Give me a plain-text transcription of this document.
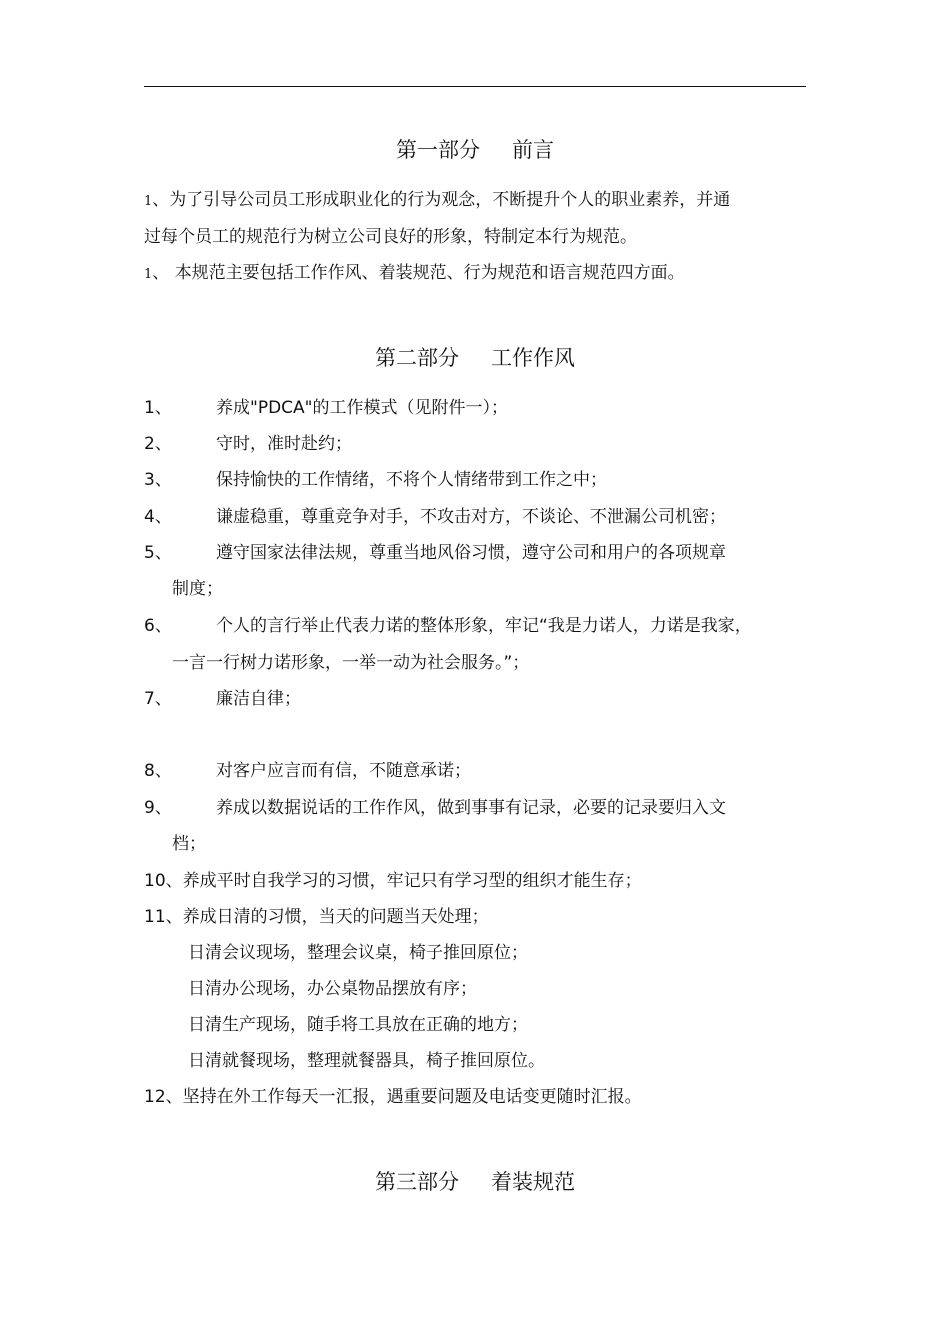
第一部分 前言
1、为了引导公司员工形成职业化的行为观念，不断提升个人的职业素养，并通
过每个员工的规范行为树立公司良好的形象，特制定本行为规范。
1、 本规范主要包括工作作风、着装规范、行为规范和语言规范四方面。
第二部分 工作作风
1、	养成"PDCA"的工作模式（见附件一）；
2、	守时，准时赴约；
3、	保持愉快的工作情绪，不将个人情绪带到工作之中；
4、	谦虚稳重，尊重竞争对手，不攻击对方，不谈论、不泄漏公司机密；
5、	遵守国家法律法规，尊重当地风俗习惯，遵守公司和用户的各项规章
制度；
6、	个人的言行举止代表力诺的整体形象，牢记“我是力诺人，力诺是我家，
一言一行树力诺形象，一举一动为社会服务。”；
7、	廉洁自律；
8、	对客户应言而有信，不随意承诺；
9、	养成以数据说话的工作作风，做到事事有记录，必要的记录要归入文
档；
10、养成平时自我学习的习惯，牢记只有学习型的组织才能生存；
11、养成日清的习惯，当天的问题当天处理；
日清会议现场，整理会议桌，椅子推回原位；
日清办公现场，办公桌物品摆放有序；
日清生产现场，随手将工具放在正确的地方；
日清就餐现场，整理就餐器具，椅子推回原位。
12、坚持在外工作每天一汇报，遇重要问题及电话变更随时汇报。
第三部分 着装规范
